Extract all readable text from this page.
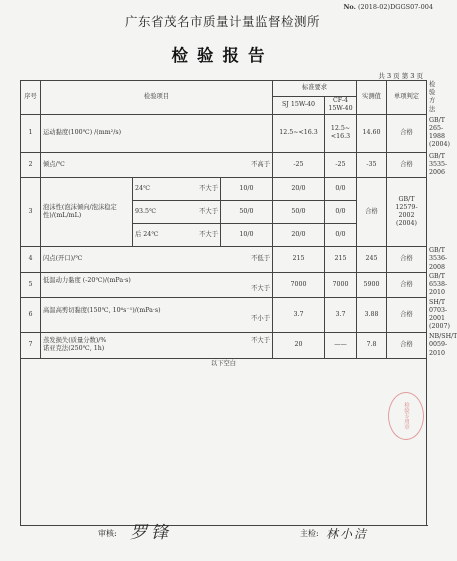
No. (2018-02)DGGS07-004
广东省茂名市质量计量监督检测所
检验报告
共 3 页 第 3 页
序号	检验项目			标准要求		实测值	单项判定	检验方法
				SJ 15W-40	CF-4 15W-40			
1	运动黏度(100℃) /(mm²/s)			12.5~<16.3	12.5~<16.3	14.60	合格	GB/T 265-1988 (2004)
2	倾点/℃ 不高于			-25	-25	-35	合格	GB/T 3535-2006
3	泡沫性(泡沫倾向/泡沫稳定性)/(mL/mL)	24℃ 不大于	10/0	20/0	0/0	合格	GB/T 12579-2002 (2004)	

		93.5℃ 不大于	50/0	50/0	0/0			

		后 24℃ 不大于	10/0	20/0	0/0			
4	闪点(开口)/℃ 不低于			215	215	245	合格	GB/T 3536-2008
5	低温动力黏度 (-20℃)/(mPa·s)
不大于			7000	7000	5900	合格	GB/T 6538-2010
6	高温高剪切黏度(150℃, 10⁶s⁻¹)/(mPa·s)
不小于			3.7	3.7	3.88	合格	SH/T 0703-2001 (2007)
7	蒸发损失(质量分数)/% 不大于
诺亚克法(250℃, 1h)			20	——	7.8	合格	NB/SH/T 0059-2010

以下空白								
检验专用章
审核: 罗锋	主检: 林小洁
